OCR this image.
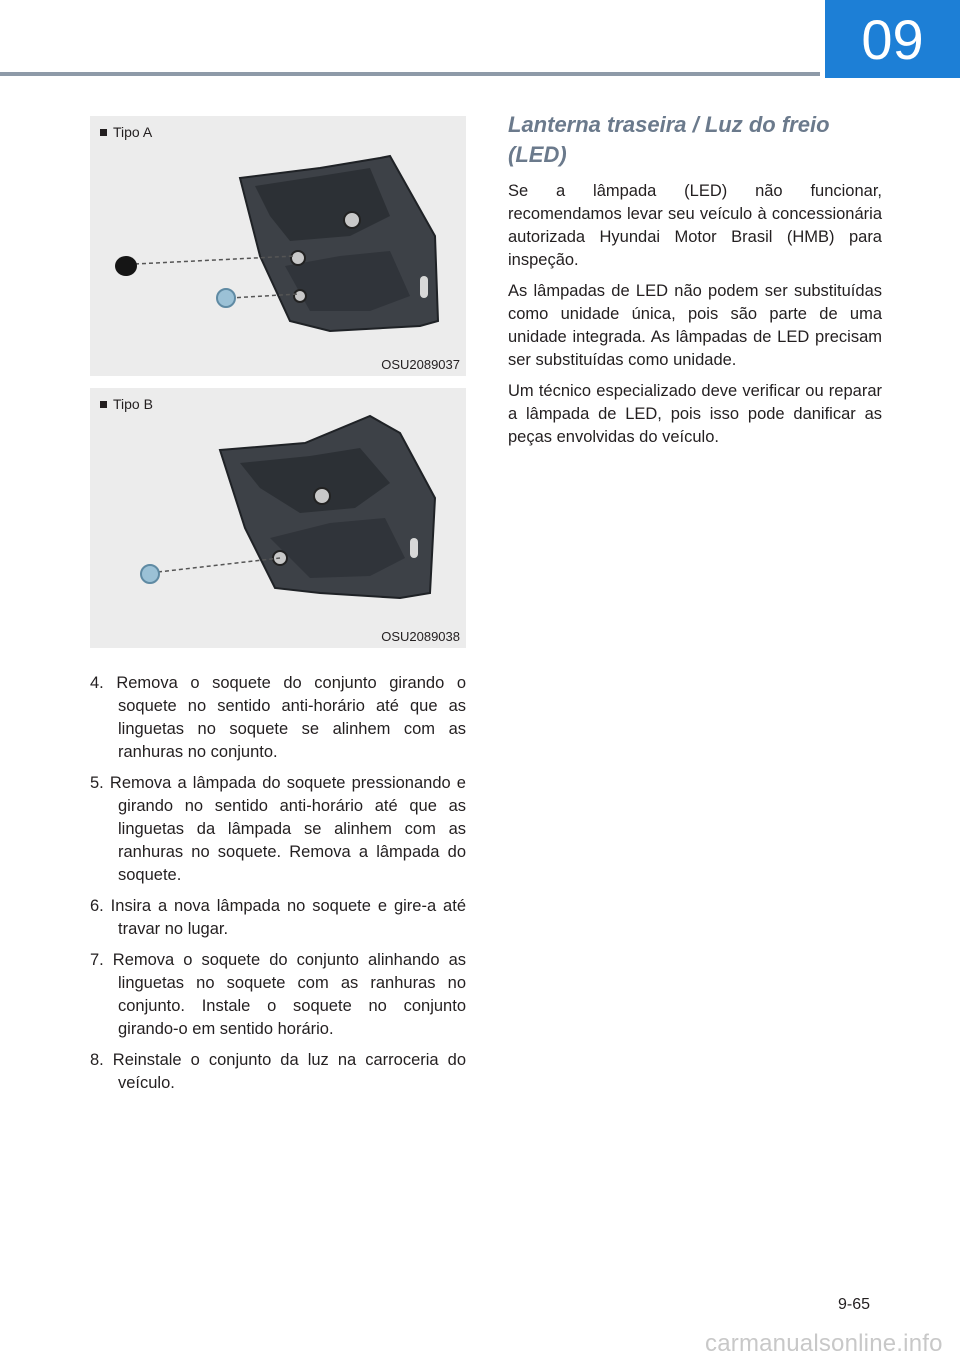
09
Tipo A
OSU2089037
Tipo B
OSU2089038

4. Remova o soquete do conjunto girando o soquete no sentido anti-horário até que as linguetas no soquete se alinhem com as ranhuras no conjunto.

5. Remova a lâmpada do soquete pressionando e girando no sentido anti-horário até que as linguetas da lâmpada se alinhem com as ranhuras no soquete. Remova a lâmpada do soquete.

6. Insira a nova lâmpada no soquete e gire-a até travar no lugar.

7. Remova o soquete do conjunto alinhando as linguetas no soquete com as ranhuras no conjunto. Instale o soquete no conjunto girando-o em sentido horário.

8. Reinstale o conjunto da luz na carroceria do veículo.

Lanterna traseira / Luz do freio (LED)

Se a lâmpada (LED) não funcionar, recomendamos levar seu veículo à concessionária autorizada Hyundai Motor Brasil (HMB) para inspeção.

As lâmpadas de LED não podem ser substituídas como unidade única, pois são parte de uma unidade integrada. As lâmpadas de LED precisam ser substituídas como unidade.

Um técnico especializado deve verificar ou reparar a lâmpada de LED, pois isso pode danificar as peças envolvidas do veículo.

9-65
carmanualsonline.info
